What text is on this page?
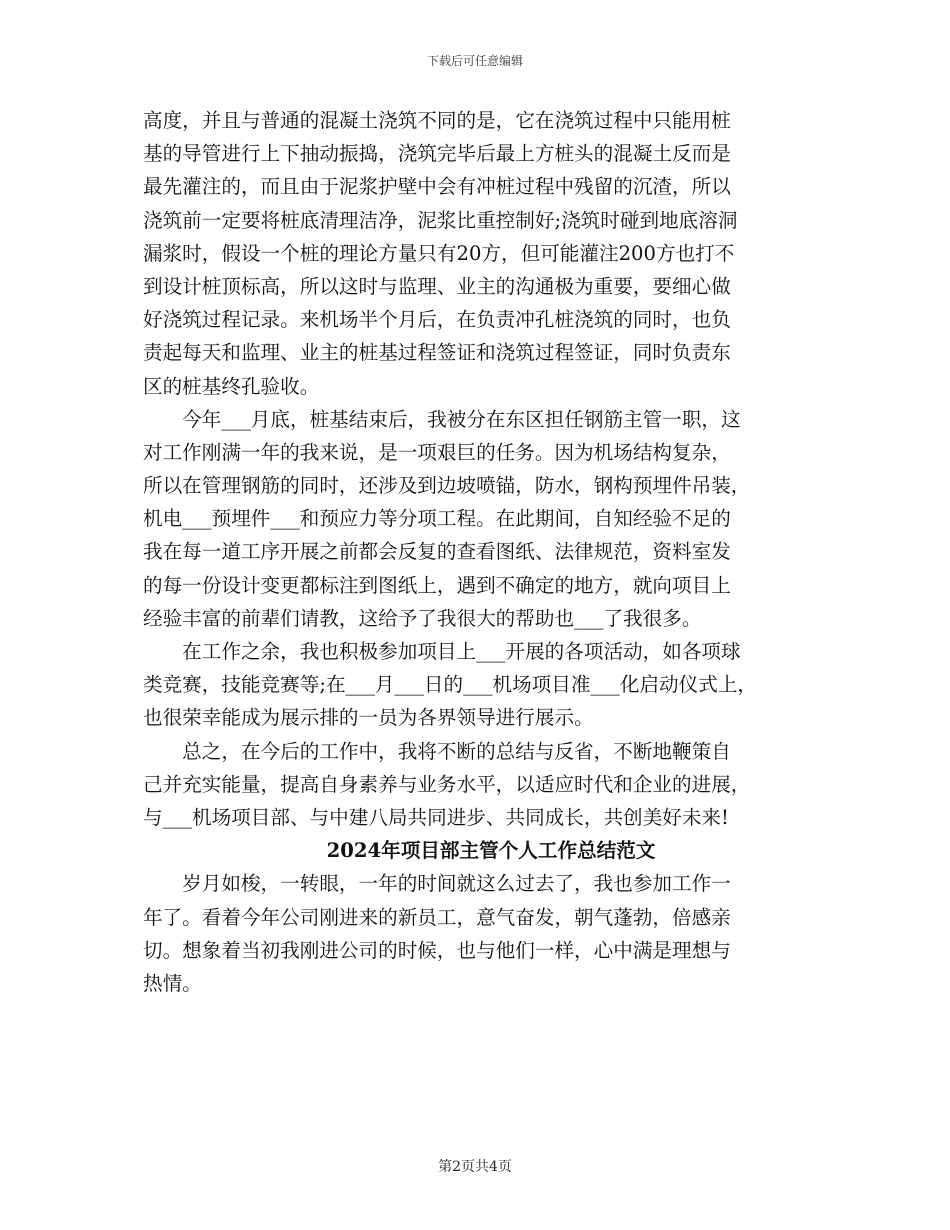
下载后可任意编辑
高度，并且与普通的混凝土浇筑不同的是，它在浇筑过程中只能用桩
基的导管进行上下抽动振捣，浇筑完毕后最上方桩头的混凝土反而是
最先灌注的，而且由于泥浆护壁中会有冲桩过程中残留的沉渣，所以
浇筑前一定要将桩底清理洁净，泥浆比重控制好;浇筑时碰到地底溶洞
漏浆时，假设一个桩的理论方量只有20方，但可能灌注200方也打不
到设计桩顶标高，所以这时与监理、业主的沟通极为重要，要细心做
好浇筑过程记录。来机场半个月后，在负责冲孔桩浇筑的同时，也负
责起每天和监理、业主的桩基过程签证和浇筑过程签证，同时负责东
区的桩基终孔验收。
　　今年___月底，桩基结束后，我被分在东区担任钢筋主管一职，这
对工作刚满一年的我来说，是一项艰巨的任务。因为机场结构复杂，
所以在管理钢筋的同时，还涉及到边坡喷锚，防水，钢构预埋件吊装，
机电___预埋件___和预应力等分项工程。在此期间，自知经验不足的
我在每一道工序开展之前都会反复的查看图纸、法律规范，资料室发
的每一份设计变更都标注到图纸上，遇到不确定的地方，就向项目上
经验丰富的前辈们请教，这给予了我很大的帮助也___了我很多。
　　在工作之余，我也积极参加项目上___开展的各项活动，如各项球
类竞赛，技能竞赛等;在___月___日的___机场项目准___化启动仪式上，
也很荣幸能成为展示排的一员为各界领导进行展示。
　　总之，在今后的工作中，我将不断的总结与反省，不断地鞭策自
己并充实能量，提高自身素养与业务水平，以适应时代和企业的进展，
与___机场项目部、与中建八局共同进步、共同成长，共创美好未来!
2024年项目部主管个人工作总结范文
　　岁月如梭，一转眼，一年的时间就这么过去了，我也参加工作一
年了。看着今年公司刚进来的新员工，意气奋发，朝气蓬勃，倍感亲
切。想象着当初我刚进公司的时候，也与他们一样，心中满是理想与
热情。
第2页共4页
